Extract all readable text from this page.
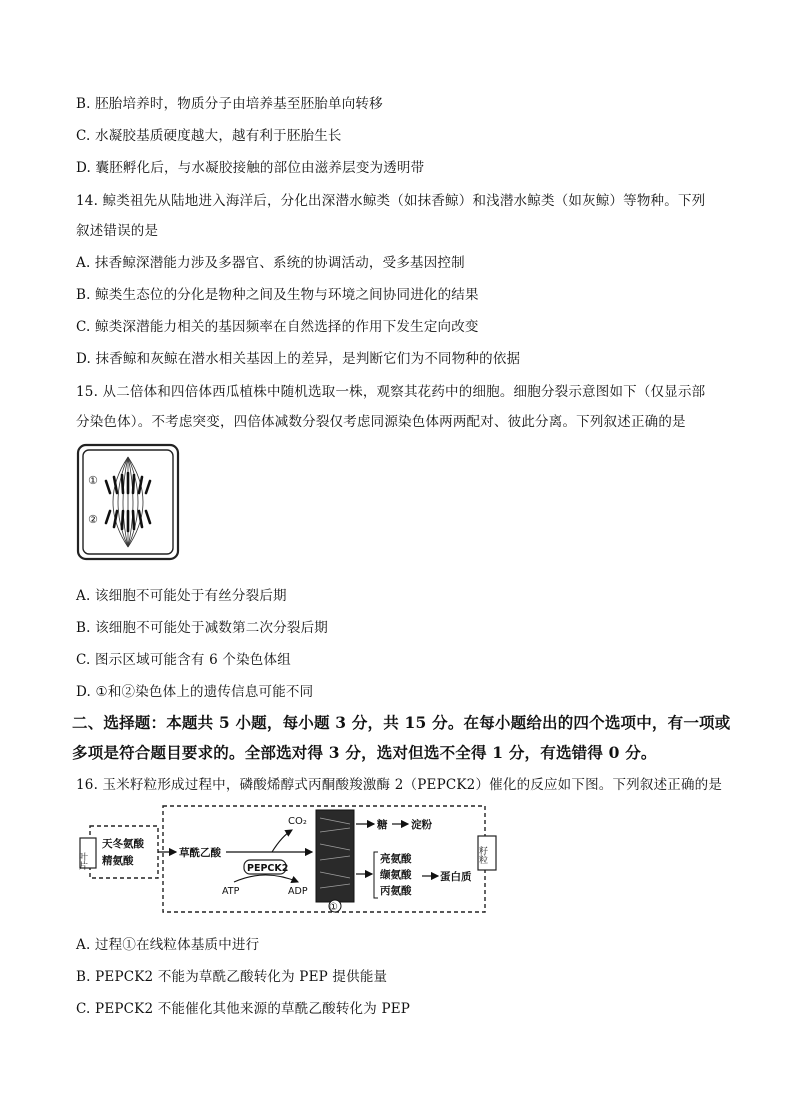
B. 胚胎培养时，物质分子由培养基至胚胎单向转移
C. 水凝胶基质硬度越大，越有利于胚胎生长
D. 囊胚孵化后，与水凝胶接触的部位由滋养层变为透明带
14. 鲸类祖先从陆地进入海洋后，分化出深潜水鲸类（如抹香鲸）和浅潜水鲸类（如灰鲸）等物种。下列
叙述错误的是
A. 抹香鲸深潜能力涉及多器官、系统的协调活动，受多基因控制
B. 鲸类生态位的分化是物种之间及生物与环境之间协同进化的结果
C. 鲸类深潜能力相关的基因频率在自然选择的作用下发生定向改变
D. 抹香鲸和灰鲸在潜水相关基因上的差异，是判断它们为不同物种的依据
15. 从二倍体和四倍体西瓜植株中随机选取一株，观察其花药中的细胞。细胞分裂示意图如下（仅显示部
分染色体）。不考虑突变，四倍体减数分裂仅考虑同源染色体两两配对、彼此分离。下列叙述正确的是
①
②
A. 该细胞不可能处于有丝分裂后期
B. 该细胞不可能处于减数第二次分裂后期
C. 图示区域可能含有 6 个染色体组
D. ①和②染色体上的遗传信息可能不同
二、选择题：本题共 5 小题，每小题 3 分，共 15 分。在每小题给出的四个选项中，有一项或
多项是符合题目要求的。全部选对得 3 分，选对但选不全得 1 分，有选错得 0 分。
16. 玉米籽粒形成过程中，磷酸烯醇式丙酮酸羧激酶 2（PEPCK2）催化的反应如下图。下列叙述正确的是
叶片
天冬氨酸
精氨酸
草酰乙酸
CO₂
PEPCK2
ATP	ADP
①
糖 淀粉
亮氨酸
缬氨酸
丙氨酸
蛋白质
籽粒
A. 过程①在线粒体基质中进行
B. PEPCK2 不能为草酰乙酸转化为 PEP 提供能量
C. PEPCK2 不能催化其他来源的草酰乙酸转化为 PEP
